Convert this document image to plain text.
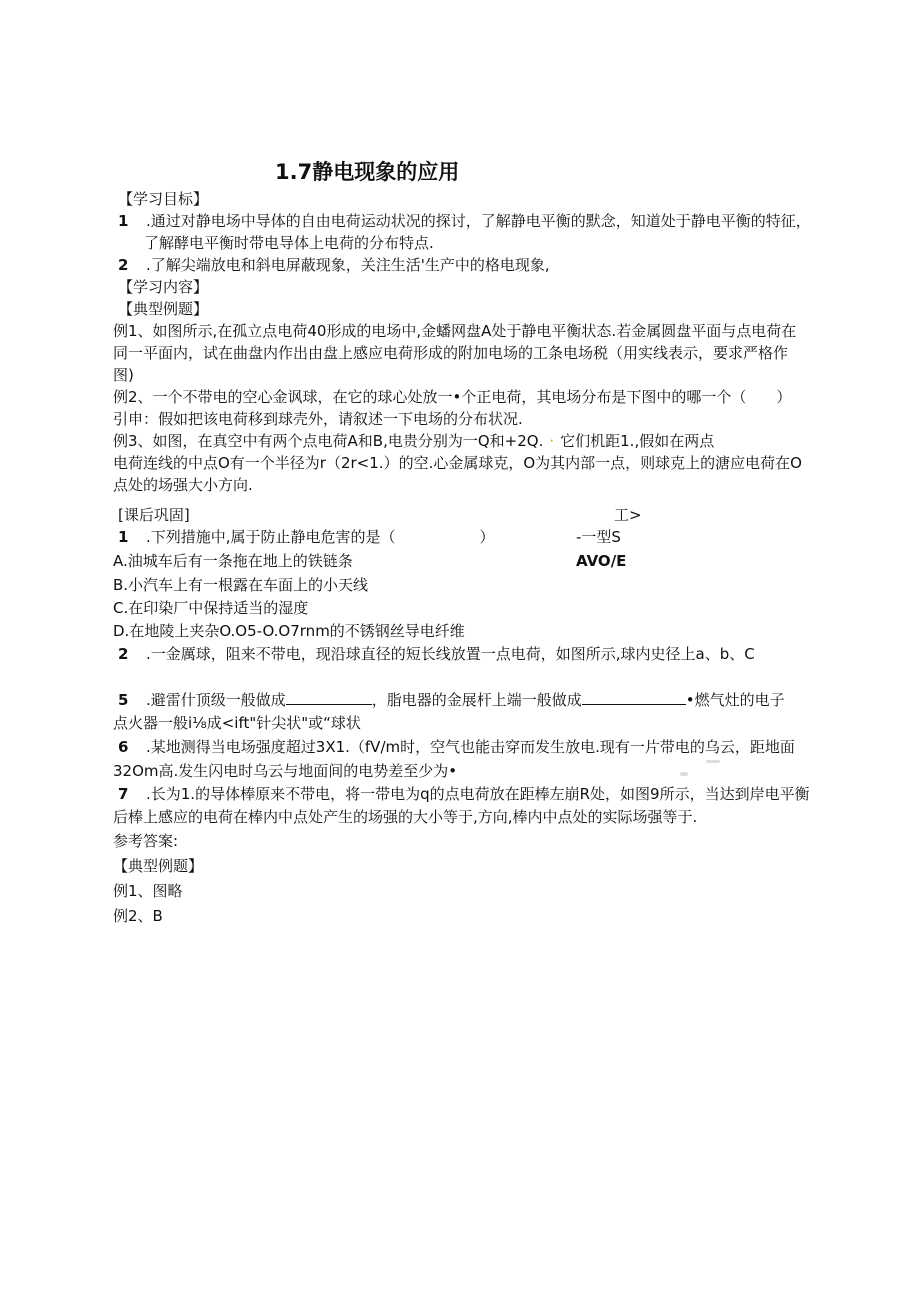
1.7静电现象的应用
【学习目标】
1 .通过对静电场中导体的自由电荷运动状况的探讨，了解静电平衡的默念，知道处于静电平衡的特征，
了解酵电平衡时带电导体上电荷的分布特点.
2 .了解尖端放电和斜电屏蔽现象，关注生活'生产中的格电现象,
【学习内容】
【典型例题】
例1、如图所示,在孤立点电荷40形成的电场中,金蟠网盘A处于静电平衡状态.若金属圆盘平面与点电荷在
同一平面内，试在曲盘内作出由盘上感应电荷形成的附加电场的工条电场税（用实线表示，要求严格作
图)
例2、一个不带电的空心金讽球，在它的球心处放一•个正电荷，其电场分布是下图中的哪一个（　　）
引申：假如把该电荷移到球壳外，请叙述一下电场的分布状况.
例3、如图，在真空中有两个点电荷A和B,电贵分别为一Q和+2Q. · 它们机距1.,假如在两点
电荷连线的中点O有一个半径为r（2r<1.）的空.心金属球克，O为其内部一点，则球克上的溏应电荷在O
点处的场强大小方向.
[课后巩固]	工>
1 .下列措施中,属于防止静电危害的是（	）	-一型S
A.油城车后有一条拖在地上的铁链条	AVO/E
B.小汽车上有一根露在车面上的小天线
C.在印染厂中保持适当的湿度
D.在地陵上夹杂O.O5-O.O7rnm的不锈钢丝导电纤维
2 .一金厲球，阻来不带电，现沿球直径的短长线放置一点电荷，如图所示,球内史径上a、b、C
5 .避雷什顶级一般做成	，脂电器的金展杆上端一般做成	•燃气灶的电子
点火器一般i⅛成<ift"针尖状"或“球状
6 .某地测得当电场强度超过3X1.（fV/m时，空气也能击穿而发生放电.现有一片带电的乌云，距地面
32Om高.发生闪电时乌云与地面间的电势差至少为•
7 .长为1.的导体棒原来不带电，将一带电为q的点电荷放在距棒左崩R处，如图9所示，当达到岸电平衡
后棒上感应的电荷在棒内中点处产生的场强的大小等于,方向,棒内中点处的实际场强等于.
参考答案:
【典型例题】
例1、图略
例2、B
